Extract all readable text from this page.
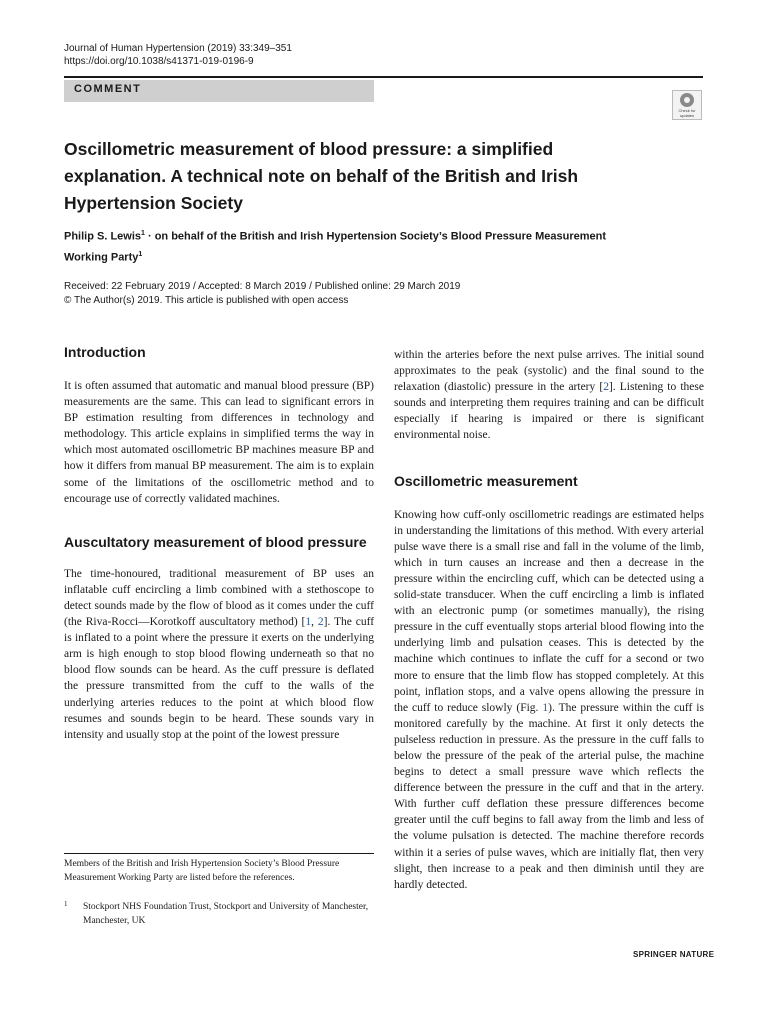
Journal of Human Hypertension (2019) 33:349–351
https://doi.org/10.1038/s41371-019-0196-9
COMMENT
Check for updates
Oscillometric measurement of blood pressure: a simplified explanation. A technical note on behalf of the British and Irish Hypertension Society
Philip S. Lewis$^1$ · on behalf of the British and Irish Hypertension Society’s Blood Pressure Measurement Working Party$^1$
Received: 22 February 2019 / Accepted: 8 March 2019 / Published online: 29 March 2019
© The Author(s) 2019. This article is published with open access
Introduction

It is often assumed that automatic and manual blood pressure (BP) measurements are the same. This can lead to significant errors in BP estimation resulting from differences in technology and methodology. This article explains in simplified terms the way in which most automated oscillometric BP machines measure BP and how it differs from manual BP measurement. The aim is to explain some of the limitations of the oscillometric method and to encourage use of correctly validated machines.

Auscultatory measurement of blood pressure

The time-honoured, traditional measurement of BP uses an inflatable cuff encircling a limb combined with a stethoscope to detect sounds made by the flow of blood as it comes under the cuff (the Riva-Rocci—Korotkoff auscultatory method) [1, 2]. The cuff is inflated to a point where the pressure it exerts on the underlying arm is high enough to stop blood flowing underneath so that no blood flow sounds can be heard. As the cuff pressure is deflated the pressure transmitted from the cuff to the walls of the underlying arteries reduces to the point at which blood flow resumes and sounds begin to be heard. These sounds vary in intensity and usually stop at the point of the lowest pressure

within the arteries before the next pulse arrives. The initial sound approximates to the peak (systolic) and the final sound to the relaxation (diastolic) pressure in the artery [2]. Listening to these sounds and interpreting them requires training and can be difficult especially if hearing is impaired or there is significant environmental noise.

Oscillometric measurement

Knowing how cuff-only oscillometric readings are estimated helps in understanding the limitations of this method. With every arterial pulse wave there is a small rise and fall in the volume of the limb, which in turn causes an increase and then a decrease in the pressure within the encircling cuff, which can be detected using a solid-state transducer. When the cuff encircling a limb is inflated with an electronic pump (or sometimes manually), the rising pressure in the cuff eventually stops arterial blood flowing into the underlying limb and pulsation ceases. This is detected by the machine which continues to inflate the cuff for a second or two more to ensure that the limb flow has stopped completely. At this point, inflation stops, and a valve opens allowing the pressure in the cuff to reduce slowly (Fig. 1). The pressure within the cuff is monitored carefully by the machine. At first it only detects the pulseless reduction in pressure. As the pressure in the cuff falls to below the pressure of the peak of the arterial pulse, the machine begins to detect a small pressure wave which reflects the difference between the pressure in the cuff and that in the artery. With further cuff deflation these pressure differences become greater until the cuff begins to fall away from the limb and less of the volume pulsation is detected. The machine therefore records within it a series of pulse waves, which are initially flat, then very slight, then increase to a peak and then diminish until they are hardly detected.

Members of the British and Irish Hypertension Society’s Blood Pressure Measurement Working Party are listed before the references.
1	Stockport NHS Foundation Trust, Stockport and University of Manchester, Manchester, UK
SPRINGER NATURE
